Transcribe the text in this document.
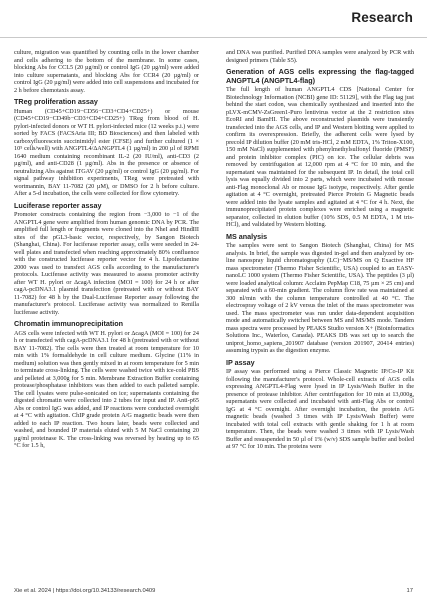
Research

culture, migration was quantified by counting cells in the lower chamber and cells adhering to the bottom of the membrane. In some cases, blocking Abs for CCL5 (20 µg/ml) or control IgG (20 µg/ml) were added into culture supernatants, and blocking Abs for CCR4 (20 µg/ml) or control IgG (20 µg/ml) were added into cell suspensions and incubated for 2 h before chemotaxis assay.

TReg proliferation assay

Human (CD45+CD19−CD56−CD3+CD4+CD25+) or mouse (CD45+CD19−CD49b−CD3+CD4+CD25+) TReg from blood of H. pylori-infected donors or WT H. pylori-infected mice (12 weeks p.i.) were sorted by FACS (FACSAria III; BD Biosciences) and then labeled with carboxyfluorescein succinimidyl ester (CFSE) and further cultured (1 × 10⁵ cells/well) with ANGPTL4/ΔANGPTL4 (1 µg/ml) in 200 µl of RPMI 1640 medium containing recombinant IL-2 (20 IU/ml), anti-CD3 (2 µg/ml), and anti-CD28 (1 µg/ml). Abs in the presence or absence of neutralizing Abs against ITGAV (20 µg/ml) or control IgG (20 µg/ml). For signal pathway inhibition experiments, TReg were pretreated with wortmannin, BAY 11-7082 (20 µM), or DMSO for 2 h before culture. After a 5-d incubation, the cells were collected for flow cytometry.

Luciferase reporter assay

Promoter constructs containing the region from −3,000 to −1 of the ANGPTL4 gene were amplified from human genomic DNA by PCR. The amplified full length or fragments were cloned into the NheI and HindIII sites of the pGL3-basic vector, respectively, by Sangon Biotech (Shanghai, China). For luciferase reporter assay, cells were seeded in 24-well plates and transfected when reaching approximately 80% confluence with the constructed luciferase reporter vector for 4 h. Lipofectamine 2000 was used to transfect AGS cells according to the manufacturer's protocols. Luciferase activity was measured to assess promoter activity after WT H. pylori or ΔcagA infection (MOI = 100) for 24 h or after cagA-pcDNA3.1 plasmid transfection (pretreated with or without BAY 11-7082) for 48 h by the Dual-Luciferase Reporter assay following the manufacturer's protocol. Luciferase activity was normalized to Renilla luciferase activity.

Chromatin immunoprecipitation

AGS cells were infected with WT H. pylori or ΔcagA (MOI = 100) for 24 h or transfected with cagA-pcDNA3.1 for 48 h (pretreated with or without BAY 11-7082). The cells were then treated at room temperature for 10 min with 1% formaldehyde in cell culture medium. Glycine (11% in medium) solution was then gently mixed in at room temperature for 5 min to terminate cross-linking. The cells were washed twice with ice-cold PBS and pelleted at 3,000g for 5 min. Membrane Extraction Buffer containing protease/phosphatase inhibitors was then added to each palleted sample. The cell lysates were pulse-sonicated on ice; supernatants containing the digested chromatin were collected into 2 tubes for input and IP. Anti-p65 Abs or control IgG was added, and IP reactions were conducted overnight at 4 °C with agitation. ChIP grade protein A/G magnetic beads were then added to each IP reaction. Two hours later, beads were collected and washed, and bounded IP materials eluted with 5 M NaCl containing 20 µg/ml proteinase K. The cross-linking was reversed by heating up to 65 °C for 1.5 h,

and DNA was purified. Purified DNA samples were analyzed by PCR with designed primers (Table S5).

Generation of AGS cells expressing the flag-tagged ANGPTL4 (ANGPTL4-flag)

The full length of human ANGPTL4 CDS [National Center for Biotechnology Information (NCBI) gene ID: 51129], with the Flag tag just behind the start codon, was chemically synthesized and inserted into the pLVX-mCMV-ZsGreen1-Puro lentivirus vector at the 2 restriction sites EcoRI and BamHI. The above reconstructed plasmids were transiently transfected into the AGS cells, and IP and Western blotting were applied to confirm its overexpression. Briefly, the adherent cells were lysed by precold IP dilution buffer (20 mM tris-HCl, 2 mM EDTA, 1% Triton-X100, 150 mM NaCl) supplemented with phenylmethylsulfonyl fluoride (PMSF) and protein inhibitor complex (PIC) on ice. The cellular debris was removed by centrifugation at 12,000 rpm at 4 °C for 10 min, and the supernatant was maintained for the subsequent IP. In detail, the total cell lysis was equally divided into 2 parts, which were incubated with mouse anti-Flag monoclonal Ab or mouse IgG isotype, respectively. After gentle agitation at 4 °C overnight, pretreated Pierce Protein G Magnetic beads were added into the lysate samples and agitated at 4 °C for 4 h. Next, the immunoprecipitated protein complexes were enriched using a magnetic separator, collected in elution buffer (10% SDS, 0.5 M EDTA, 1 M tris-HCl), and validated by Western blotting.

MS analysis

The samples were sent to Sangon Biotech (Shanghai, China) for MS analysis. In brief, the sample was digested in-gel and then analyzed by on-line nanospray liquid chromatography (LC)−MS/MS on Q Exactive HF mass spectrometer (Thermo Fisher Scientific, USA) coupled to an EASY-nanoLC 1000 system (Thermo Fisher Scientific, USA). The peptides (3 µl) were loaded analytical column: Acclaim PepMap C18, 75 µm × 25 cm) and separated with a 60-min gradient. The column flow rate was maintained at 300 nl/min with the column temperature controlled at 40 °C. The electrospray voltage of 2 kV versus the inlet of the mass spectrometer was used. The mass spectrometer was run under data-dependent acquisition mode and automatically switched between MS and MS/MS mode. Tandem mass spectra were processed by PEAKS Studio version X+ (Bioinformatics Solutions Inc., Waterloo, Canada). PEAKS DB was set up to search the uniprot_homo_sapiens_201907 database (version 201907, 20414 entries) assuming trypsin as the digestion enzyme.

IP assay

IP assay was performed using a Pierce Classic Magnetic IP/Co-IP Kit following the manufacturer's protocol. Whole-cell extracts of AGS cells expressing ANGPTL4-Flag were lysed in IP Lysis/Wash Buffer in the presence of protease inhibitor. After centrifugation for 10 min at 13,000g, supernatants were collected and incubated with anti-Flag Abs or control IgG at 4 °C overnight. After overnight incubation, the protein A/G magnetic beads (washed 3 times with IP Lysis/Wash Buffer) were incubated with total cell extracts with gentle shaking for 1 h at room temperature. Then, the beads were washed 3 times with IP Lysis/Wash Buffer and resuspended in 50 µl of 1% (w/v) SDS sample buffer and boiled at 97 °C for 10 min. The proteins were

Xie et al. 2024 | https://doi.org/10.34133/research.0409	17
